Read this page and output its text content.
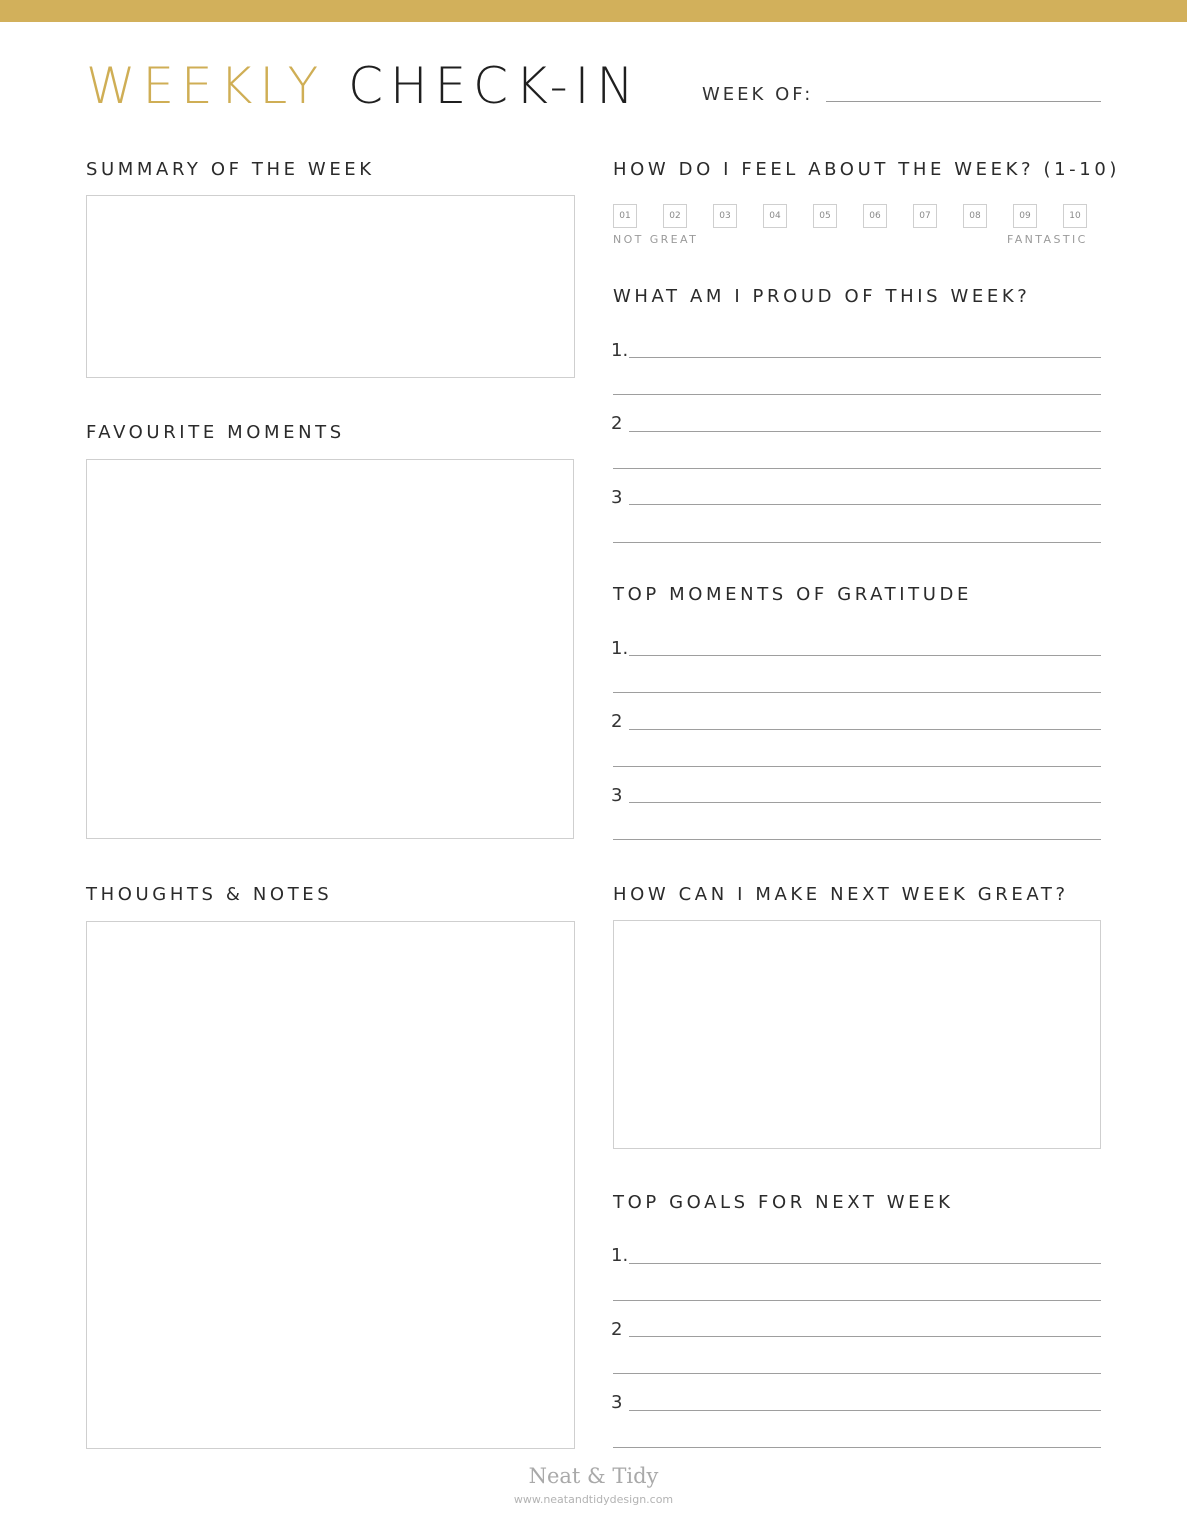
WEEKLY CHECK-IN	WEEK OF:
SUMMARY OF THE WEEK
FAVOURITE MOMENTS
THOUGHTS & NOTES
HOW DO I FEEL ABOUT THE WEEK? (1-10)
01	02	03	04	05	06	07	08	09	10
NOT GREAT	FANTASTIC
WHAT AM I PROUD OF THIS WEEK?
1.
2
3
TOP MOMENTS OF GRATITUDE
1.
2
3
HOW CAN I MAKE NEXT WEEK GREAT?
TOP GOALS FOR NEXT WEEK
1.
2
3
Neat & Tidy
www.neatandtidydesign.com
